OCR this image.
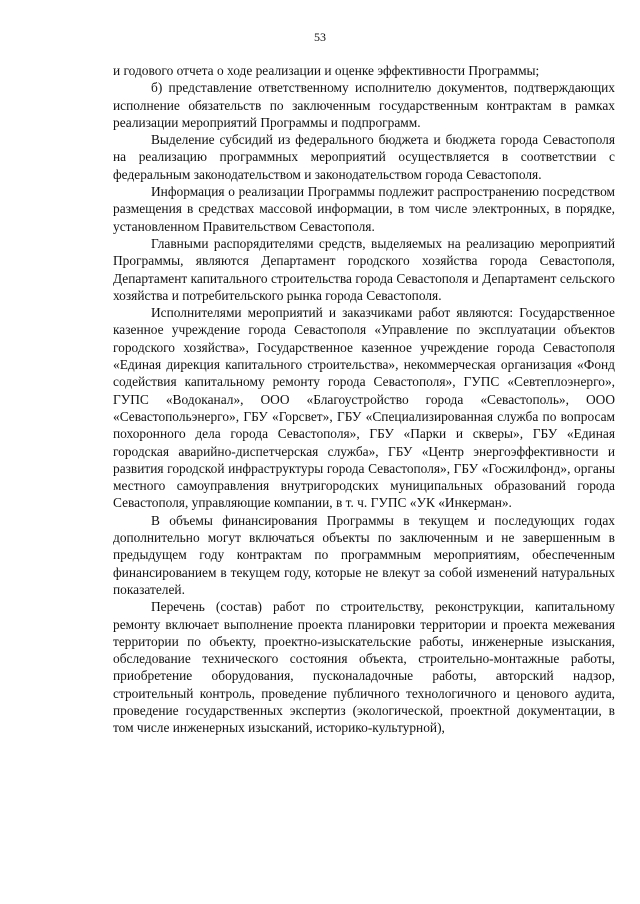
53

и годового отчета о ходе реализации и оценке эффективности Программы;

б) представление ответственному исполнителю документов, подтверждающих исполнение обязательств по заключенным государственным контрактам в рамках реализации мероприятий Программы и подпрограмм.

Выделение субсидий из федерального бюджета и бюджета города Севастополя на реализацию программных мероприятий осуществляется в соответствии с федеральным законодательством и законодательством города Севастополя.

Информация о реализации Программы подлежит распространению посредством размещения в средствах массовой информации, в том числе электронных, в порядке, установленном Правительством Севастополя.

Главными распорядителями средств, выделяемых на реализацию мероприятий Программы, являются Департамент городского хозяйства города Севастополя, Департамент капитального строительства города Севастополя и Департамент сельского хозяйства и потребительского рынка города Севастополя.

Исполнителями мероприятий и заказчиками работ являются: Государственное казенное учреждение города Севастополя «Управление по эксплуатации объектов городского хозяйства», Государственное казенное учреждение города Севастополя «Единая дирекция капитального строительства», некоммерческая организация «Фонд содействия капитальному ремонту города Севастополя», ГУПС «Севтеплоэнерго», ГУПС «Водоканал», ООО «Благоустройство города «Севастополь», ООО «Севастопольэнерго», ГБУ «Горсвет», ГБУ «Специализированная служба по вопросам похоронного дела города Севастополя», ГБУ «Парки и скверы», ГБУ «Единая городская аварийно-диспетчерская служба», ГБУ «Центр энергоэффективности и развития городской инфраструктуры города Севастополя», ГБУ «Госжилфонд», органы местного самоуправления внутригородских муниципальных образований города Севастополя, управляющие компании, в т. ч. ГУПС «УК «Инкерман».

В объемы финансирования Программы в текущем и последующих годах дополнительно могут включаться объекты по заключенным и не завершенным в предыдущем году контрактам по программным мероприятиям, обеспеченным финансированием в текущем году, которые не влекут за собой изменений натуральных показателей.

Перечень (состав) работ по строительству, реконструкции, капитальному ремонту включает выполнение проекта планировки территории и проекта межевания территории по объекту, проектно-изыскательские работы, инженерные изыскания, обследование технического состояния объекта, строительно-монтажные работы, приобретение оборудования, пусконаладочные работы, авторский надзор, строительный контроль, проведение публичного технологичного и ценового аудита, проведение государственных экспертиз (экологической, проектной документации, в том числе инженерных изысканий, историко-культурной),
